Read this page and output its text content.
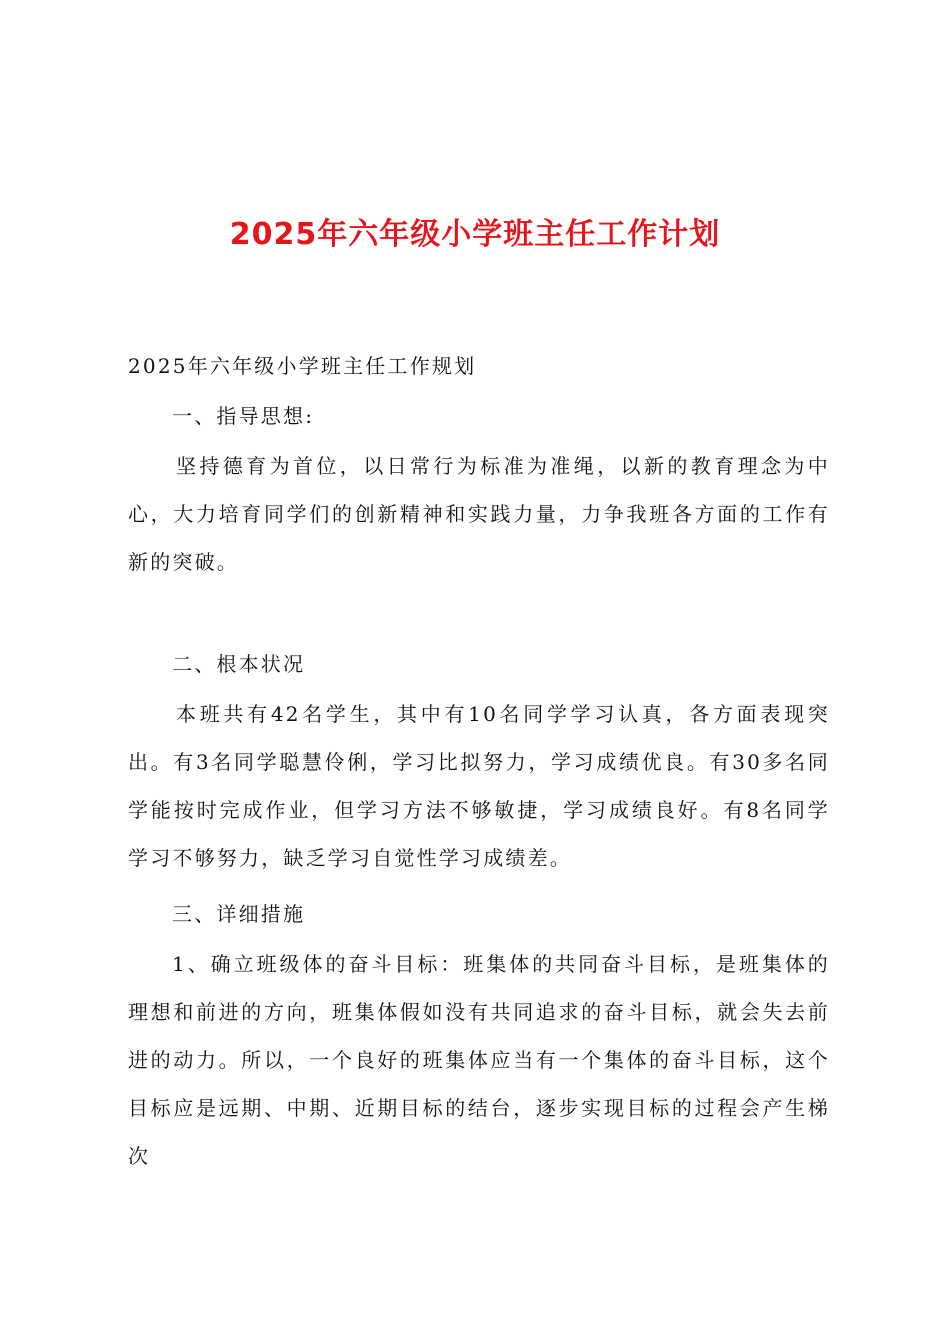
2025年六年级小学班主任工作计划

2025年六年级小学班主任工作规划

一、指导思想:

坚持德育为首位，以日常行为标准为准绳，以新的教育理念为中心，大力培育同学们的创新精神和实践力量，力争我班各方面的工作有新的突破。

二、根本状况

本班共有42名学生，其中有10名同学学习认真，各方面表现突出。有3名同学聪慧伶俐，学习比拟努力，学习成绩优良。有30多名同学能按时完成作业，但学习方法不够敏捷，学习成绩良好。有8名同学学习不够努力，缺乏学习自觉性学习成绩差。

三、详细措施

1、确立班级体的奋斗目标：班集体的共同奋斗目标，是班集体的理想和前进的方向，班集体假如没有共同追求的奋斗目标，就会失去前进的动力。所以，一个良好的班集体应当有一个集体的奋斗目标，这个目标应是远期、中期、近期目标的结台，逐步实现目标的过程会产生梯次
